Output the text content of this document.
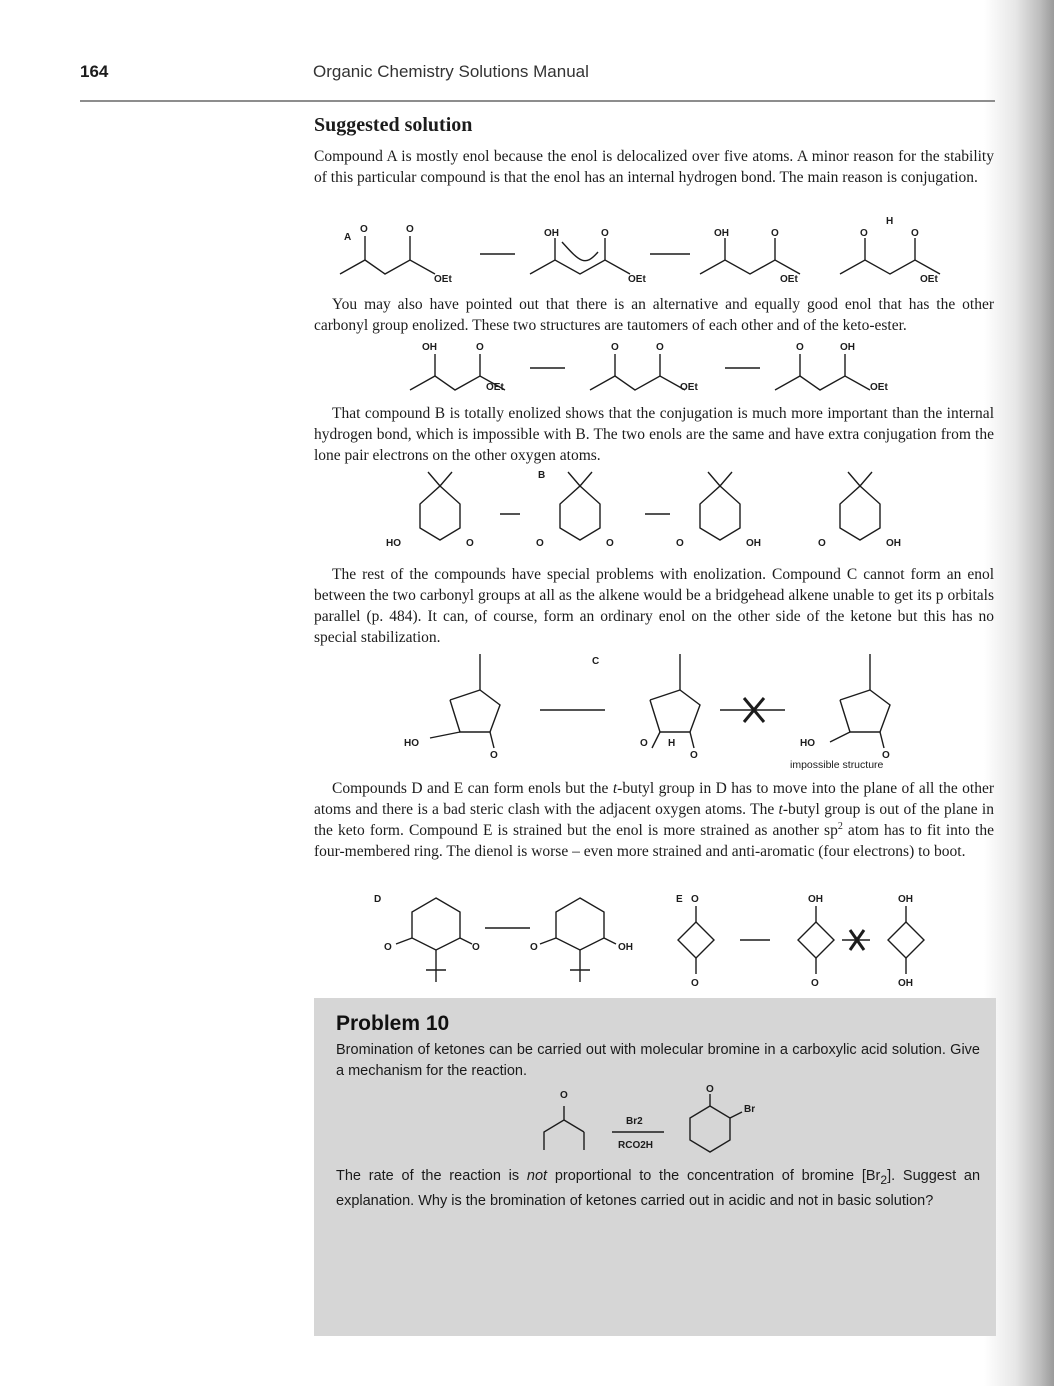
164	Organic Chemistry Solutions Manual
Suggested solution

Compound A is mostly enol because the enol is delocalized over five atoms. A minor reason for the stability of this particular compound is that the enol has an internal hydrogen bond. The main reason is conjugation.

A
O	O
OEt
OH	O
OEt
OH	O
OEt
O
H
O
OEt

You may also have pointed out that there is an alternative and equally good enol that has the other carbonyl group enolized. These two structures are tautomers of each other and of the keto-ester.

OH	O
OEt
O	O
OEt
O	OH
OEt

That compound B is totally enolized shows that the conjugation is much more important than the internal hydrogen bond, which is impossible with B. The two enols are the same and have extra conjugation from the lone pair electrons on the other oxygen atoms.

B
HO	O	O	O	O	OH	O	OH

The rest of the compounds have special problems with enolization. Compound C cannot form an enol between the two carbonyl groups at all as the alkene would be a bridgehead alkene unable to get its p orbitals parallel (p. 484). It can, of course, form an ordinary enol on the other side of the ketone but this has no special stabilization.

C
HO
O
O H
O
HO
O
impossible structure

Compounds D and E can form enols but the t-butyl group in D has to move into the plane of all the other atoms and there is a bad steric clash with the adjacent oxygen atoms. The t-butyl group is out of the plane in the keto form. Compound E is strained but the enol is more strained as another $sp^2$ atom has to fit into the four-membered ring. The dienol is worse – even more strained and anti-aromatic (four electrons) to boot.

D
O	O	O	OH
E O
O
OH
O
OH
OH
Problem 10

Bromination of ketones can be carried out with molecular bromine in a carboxylic acid solution. Give a mechanism for the reaction.

O
Br2
RCO2H
O
Br

The rate of the reaction is not proportional to the concentration of bromine $[Br_2]$. Suggest an explanation. Why is the bromination of ketones carried out in acidic and not in basic solution?
